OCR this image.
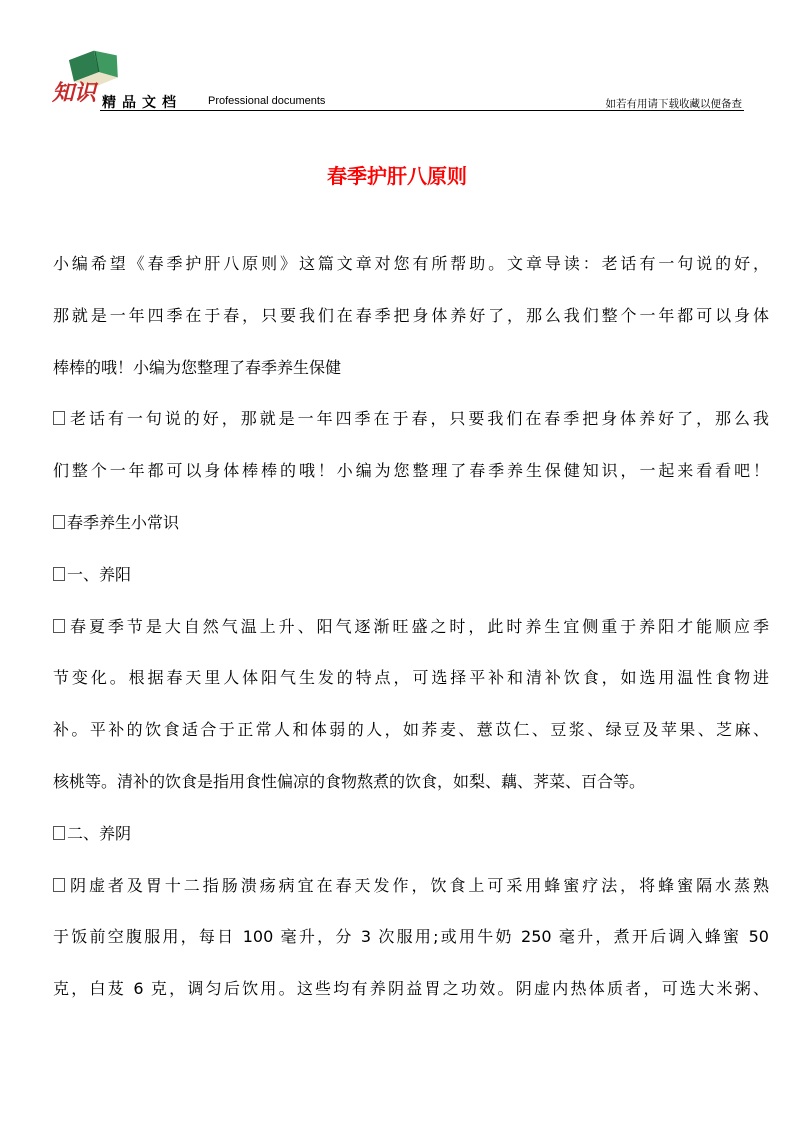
知识 精品文档 Professional documents	如若有用请下载收藏以便备查
春季护肝八原则
小编希望《春季护肝八原则》这篇文章对您有所帮助。文章导读：老话有一句说的好，
那就是一年四季在于春，只要我们在春季把身体养好了，那么我们整个一年都可以身体
棒棒的哦！小编为您整理了春季养生保健
老话有一句说的好，那就是一年四季在于春，只要我们在春季把身体养好了，那么我
们整个一年都可以身体棒棒的哦！小编为您整理了春季养生保健知识，一起来看看吧！
春季养生小常识
一、养阳
春夏季节是大自然气温上升、阳气逐渐旺盛之时，此时养生宜侧重于养阳才能顺应季
节变化。根据春天里人体阳气生发的特点，可选择平补和清补饮食，如选用温性食物进
补。平补的饮食适合于正常人和体弱的人，如荞麦、薏苡仁、豆浆、绿豆及苹果、芝麻、
核桃等。清补的饮食是指用食性偏凉的食物熬煮的饮食，如梨、藕、荠菜、百合等。
二、养阴
阴虚者及胃十二指肠溃疡病宜在春天发作，饮食上可采用蜂蜜疗法，将蜂蜜隔水蒸熟
于饭前空腹服用，每日 100 毫升，分 3 次服用;或用牛奶 250 毫升，煮开后调入蜂蜜 50
克，白芨 6 克，调匀后饮用。这些均有养阴益胃之功效。阴虚内热体质者，可选大米粥、
